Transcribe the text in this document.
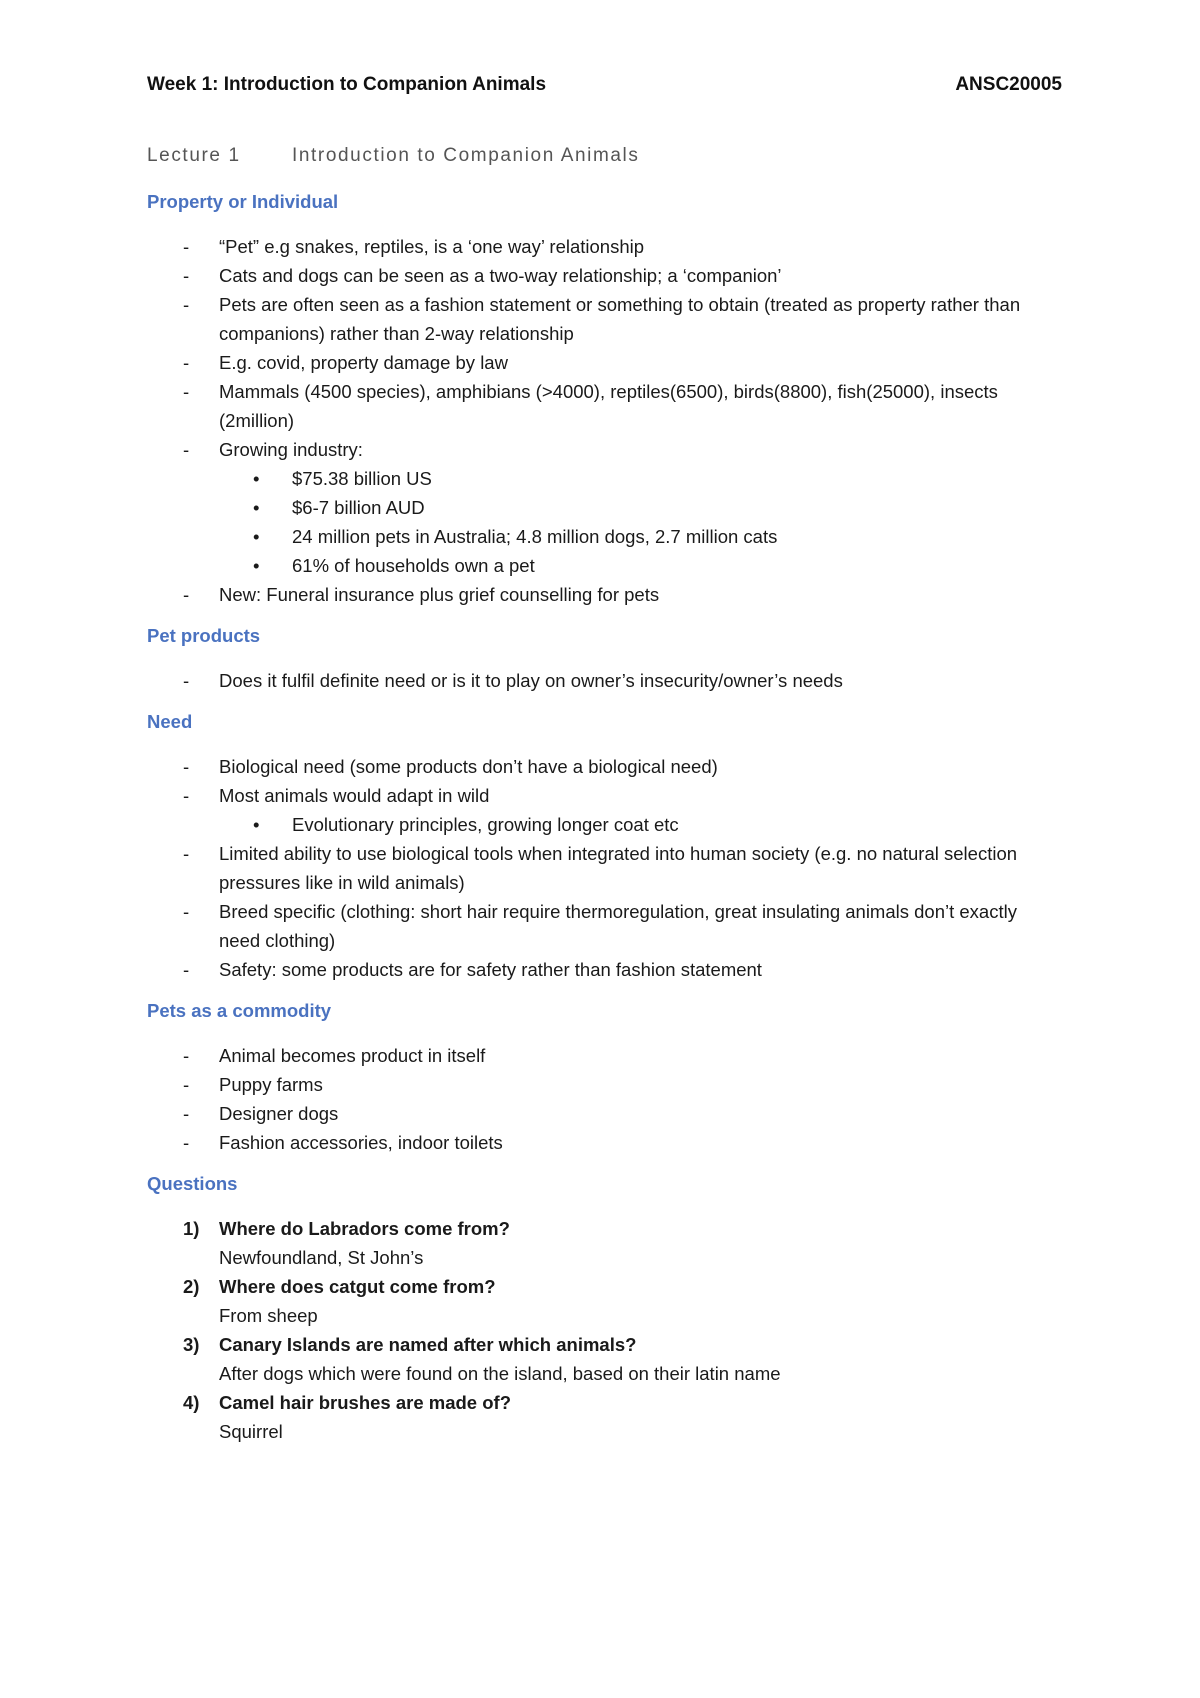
Week 1: Introduction to Companion Animals	ANSC20005
Lecture 1	Introduction to Companion Animals
Property or Individual
- “Pet” e.g snakes, reptiles, is a ‘one way’ relationship
- Cats and dogs can be seen as a two-way relationship; a ‘companion’
- Pets are often seen as a fashion statement or something to obtain (treated as property rather than companions) rather than 2-way relationship
- E.g. covid, property damage by law
- Mammals (4500 species), amphibians (>4000), reptiles(6500), birds(8800), fish(25000), insects (2million)
- Growing industry:
• $75.38 billion US
• $6-7 billion AUD
• 24 million pets in Australia; 4.8 million dogs, 2.7 million cats
• 61% of households own a pet
- New: Funeral insurance plus grief counselling for pets
Pet products
- Does it fulfil definite need or is it to play on owner’s insecurity/owner’s needs
Need
- Biological need (some products don’t have a biological need)
- Most animals would adapt in wild
• Evolutionary principles, growing longer coat etc
- Limited ability to use biological tools when integrated into human society (e.g. no natural selection pressures like in wild animals)
- Breed specific (clothing: short hair require thermoregulation, great insulating animals don’t exactly need clothing)
- Safety: some products are for safety rather than fashion statement
Pets as a commodity
- Animal becomes product in itself
- Puppy farms
- Designer dogs
- Fashion accessories, indoor toilets
Questions
1) Where do Labradors come from?
Newfoundland, St John’s
2) Where does catgut come from?
From sheep
3) Canary Islands are named after which animals?
After dogs which were found on the island, based on their latin name
4) Camel hair brushes are made of?
Squirrel
